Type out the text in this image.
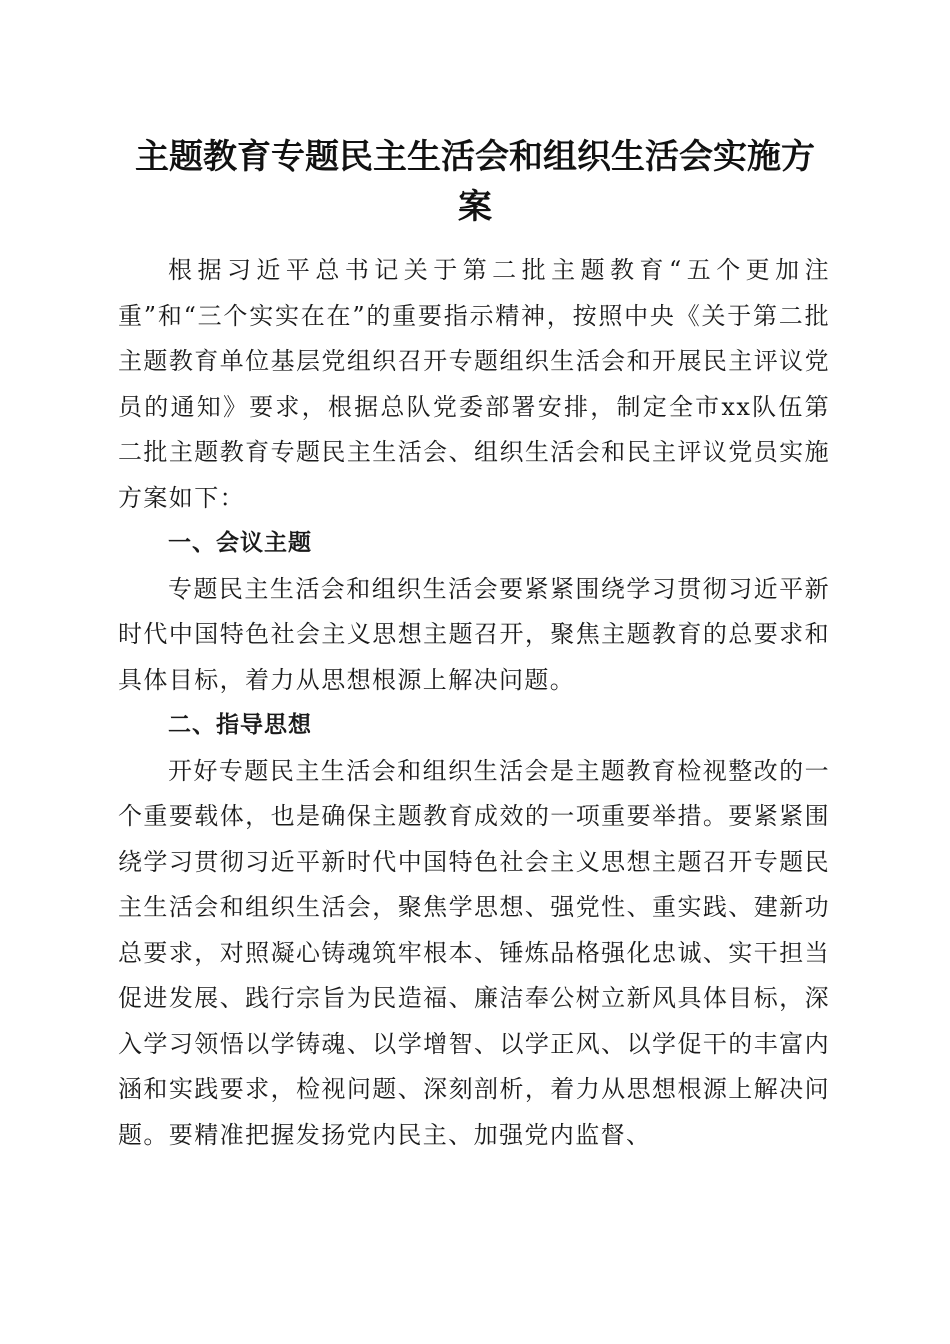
主题教育专题民主生活会和组织生活会实施方
案

根据习近平总书记关于第二批主题教育“五个更加注重”和“三个实实在在”的重要指示精神，按照中央《关于第二批主题教育单位基层党组织召开专题组织生活会和开展民主评议党员的通知》要求，根据总队党委部署安排，制定全市xx队伍第二批主题教育专题民主生活会、组织生活会和民主评议党员实施方案如下：

一、会议主题

专题民主生活会和组织生活会要紧紧围绕学习贯彻习近平新时代中国特色社会主义思想主题召开，聚焦主题教育的总要求和具体目标，着力从思想根源上解决问题。

二、指导思想

开好专题民主生活会和组织生活会是主题教育检视整改的一个重要载体，也是确保主题教育成效的一项重要举措。要紧紧围绕学习贯彻习近平新时代中国特色社会主义思想主题召开专题民主生活会和组织生活会，聚焦学思想、强党性、重实践、建新功总要求，对照凝心铸魂筑牢根本、锤炼品格强化忠诚、实干担当促进发展、践行宗旨为民造福、廉洁奉公树立新风具体目标，深入学习领悟以学铸魂、以学增智、以学正风、以学促干的丰富内涵和实践要求，检视问题、深刻剖析，着力从思想根源上解决问题。要精准把握发扬党内民主、加强党内监督、
